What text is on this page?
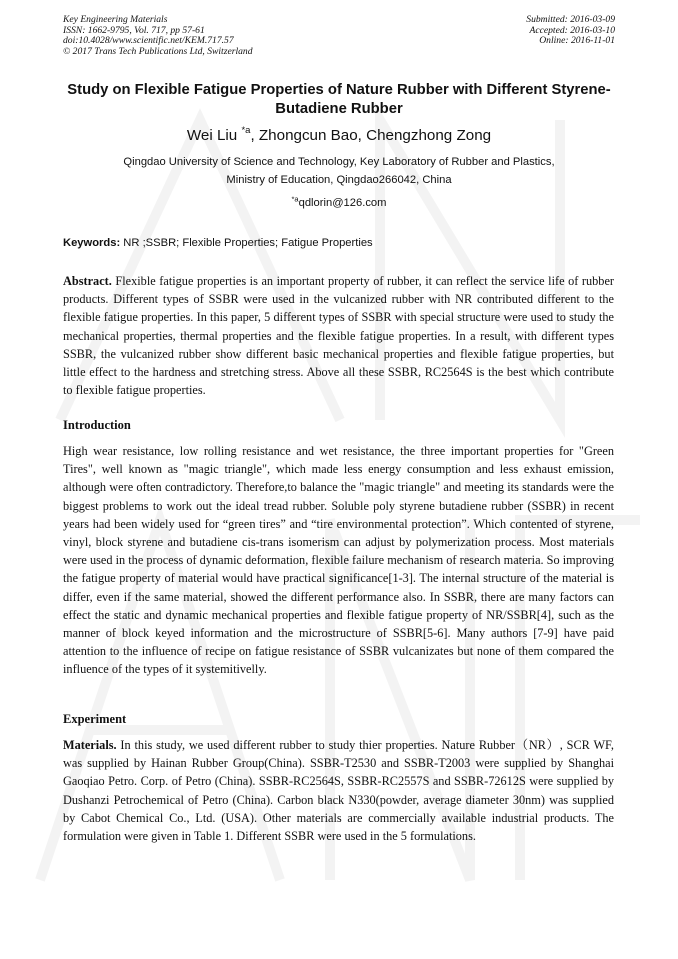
Key Engineering Materials
ISSN: 1662-9795, Vol. 717, pp 57-61
doi:10.4028/www.scientific.net/KEM.717.57
© 2017 Trans Tech Publications Ltd, Switzerland
Submitted: 2016-03-09
Accepted: 2016-03-10
Online: 2016-11-01
Study on Flexible Fatigue Properties of Nature Rubber with Different Styrene-Butadiene Rubber
Wei Liu $^{*a}$, Zhongcun Bao, Chengzhong Zong
Qingdao University of Science and Technology, Key Laboratory of Rubber and Plastics,
Ministry of Education, Qingdao266042, China
$^{*a}$qdlorin@126.com
Keywords: NR ;SSBR; Flexible Properties; Fatigue Properties

Abstract. Flexible fatigue properties is an important property of rubber, it can reflect the service life of rubber products. Different types of SSBR were used in the vulcanized rubber with NR contributed different to the flexible fatigue properties. In this paper, 5 different types of SSBR with special structure were used to study the mechanical properties, thermal properties and the flexible fatigue properties. In a result, with different types SSBR, the vulcanized rubber show different basic mechanical properties and flexible fatigue properties, but little effect to the hardness and stretching stress. Above all these SSBR, RC2564S is the best which contribute to flexible fatigue properties.

Introduction

High wear resistance, low rolling resistance and wet resistance, the three important properties for "Green Tires", well known as "magic triangle", which made less energy consumption and less exhaust emission, although were often contradictory. Therefore,to balance the "magic triangle" and meeting its standards were the biggest problems to work out the ideal tread rubber. Soluble poly styrene butadiene rubber (SSBR) in recent years had been widely used for “green tires” and “tire environmental protection”. Which contented of styrene, vinyl, block styrene and butadiene cis-trans isomerism can adjust by polymerization process. Most materials were used in the process of dynamic deformation, flexible failure mechanism of research materia. So improving the fatigue property of material would have practical significance[1-3]. The internal structure of the material is differ, even if the same material, showed the different performance also. In SSBR, there are many factors can effect the static and dynamic mechanical properties and flexible fatigue property of NR/SSBR[4], such as the manner of block keyed information and the microstructure of SSBR[5-6]. Many authors [7-9] have paid attention to the influence of recipe on fatigue resistance of SSBR vulcanizates but none of them compared the influence of the types of it systemitivelly.

Experiment

Materials. In this study, we used different rubber to study thier properties. Nature Rubber（NR）, SCR WF, was supplied by Hainan Rubber Group(China). SSBR-T2530 and SSBR-T2003 were supplied by Shanghai Gaoqiao Petro. Corp. of Petro (China). SSBR-RC2564S, SSBR-RC2557S and SSBR-72612S were supplied by Dushanzi Petrochemical of Petro (China). Carbon black N330(powder, average diameter 30nm) was supplied by Cabot Chemical Co., Ltd. (USA). Other materials are commercially available industrial products. The formulation were given in Table 1. Different SSBR were used in the 5 formulations.
